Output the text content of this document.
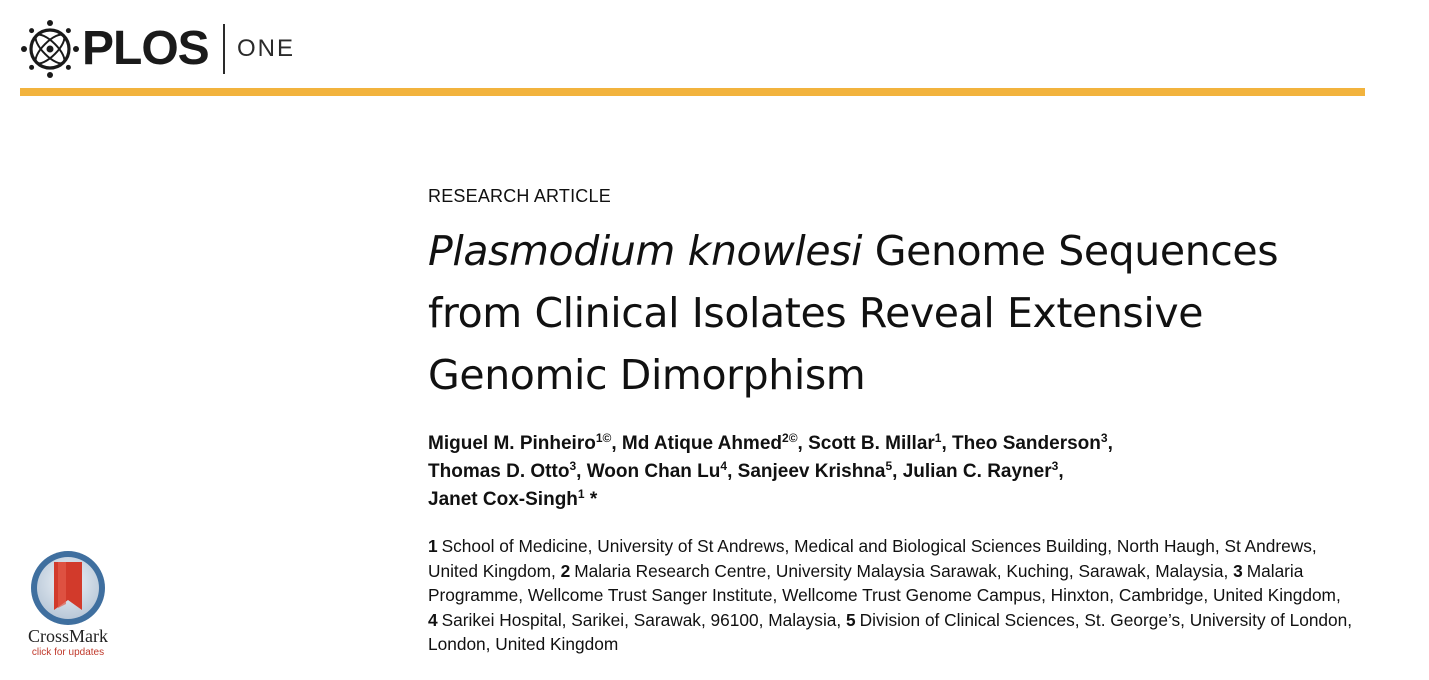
PLOS ONE

RESEARCH ARTICLE

Plasmodium knowlesi Genome Sequences from Clinical Isolates Reveal Extensive Genomic Dimorphism
Miguel M. Pinheiro$^{1©}$, Md Atique Ahmed$^{2©}$, Scott B. Millar$^1$, Theo Sanderson$^3$,
Thomas D. Otto$^3$, Woon Chan Lu$^4$, Sanjeev Krishna$^5$, Julian C. Rayner$^3$,
Janet Cox-Singh$^1$ *
1 School of Medicine, University of St Andrews, Medical and Biological Sciences Building, North Haugh, St Andrews, United Kingdom, 2 Malaria Research Centre, University Malaysia Sarawak, Kuching, Sarawak, Malaysia, 3 Malaria Programme, Wellcome Trust Sanger Institute, Wellcome Trust Genome Campus, Hinxton, Cambridge, United Kingdom, 4 Sarikei Hospital, Sarikei, Sarawak, 96100, Malaysia, 5 Division of Clinical Sciences, St. George’s, University of London, London, United Kingdom
CrossMark
click for updates
